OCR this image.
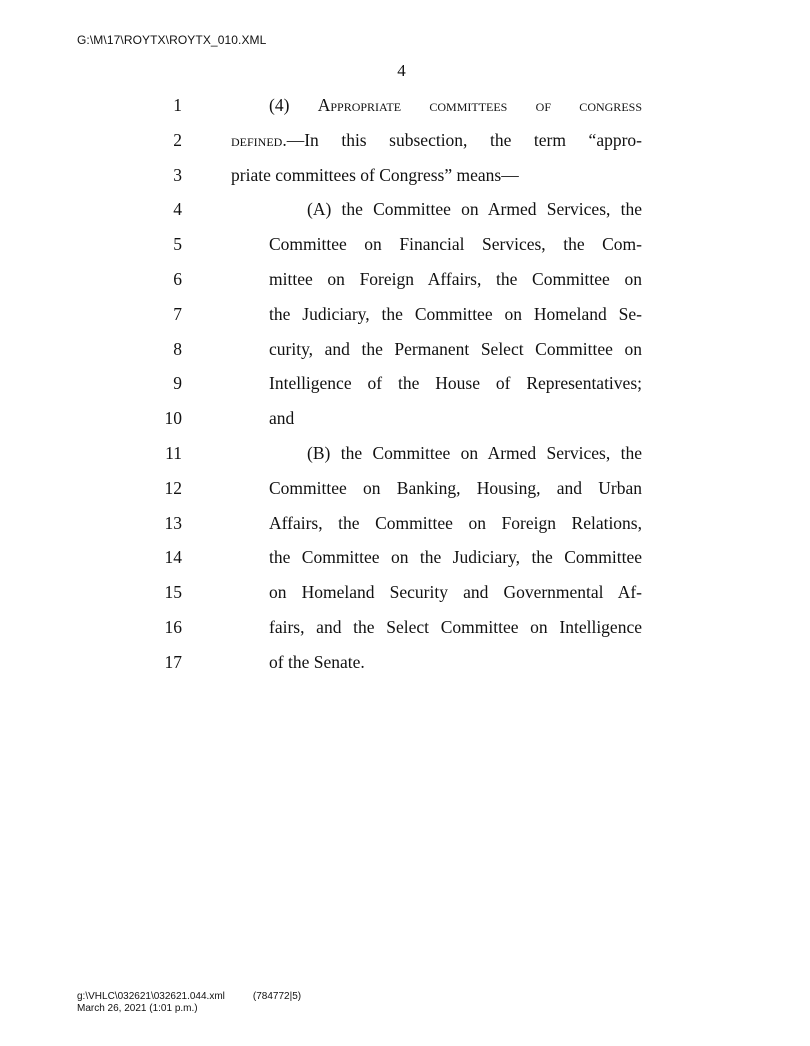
G:\M\17\ROYTX\ROYTX_010.XML
4
1	(4) Appropriate committees of congress
2	defined.—In this subsection, the term “appro-
3	priate committees of Congress” means—
4	(A) the Committee on Armed Services, the
5	Committee on Financial Services, the Com-
6	mittee on Foreign Affairs, the Committee on
7	the Judiciary, the Committee on Homeland Se-
8	curity, and the Permanent Select Committee on
9	Intelligence of the House of Representatives;
10	and
11	(B) the Committee on Armed Services, the
12	Committee on Banking, Housing, and Urban
13	Affairs, the Committee on Foreign Relations,
14	the Committee on the Judiciary, the Committee
15	on Homeland Security and Governmental Af-
16	fairs, and the Select Committee on Intelligence
17	of the Senate.
g:\VHLC\032621\032621.044.xml	(784772|5)
March 26, 2021 (1:01 p.m.)
